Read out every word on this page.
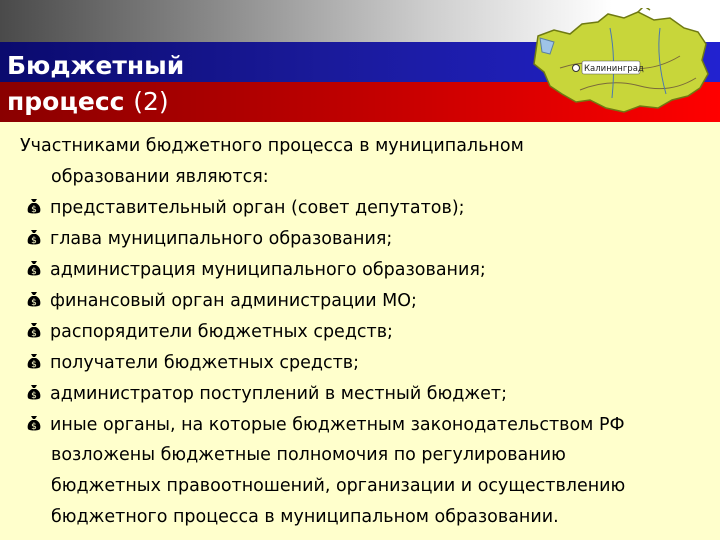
Бюджетный
процесс (2)
Калининград
Участниками бюджетного процесса в муниципальном
образовании являются:
$ представительный орган (совет депутатов);
$ глава муниципального образования;
$ администрация муниципального образования;
$ финансовый орган администрации МО;
$ распорядители бюджетных средств;
$ получатели бюджетных средств;
$ администратор поступлений в местный бюджет;
$ иные органы, на которые бюджетным законодательством РФ
возложены бюджетные полномочия по регулированию
бюджетных правоотношений, организации и осуществлению
бюджетного процесса в муниципальном образовании.
